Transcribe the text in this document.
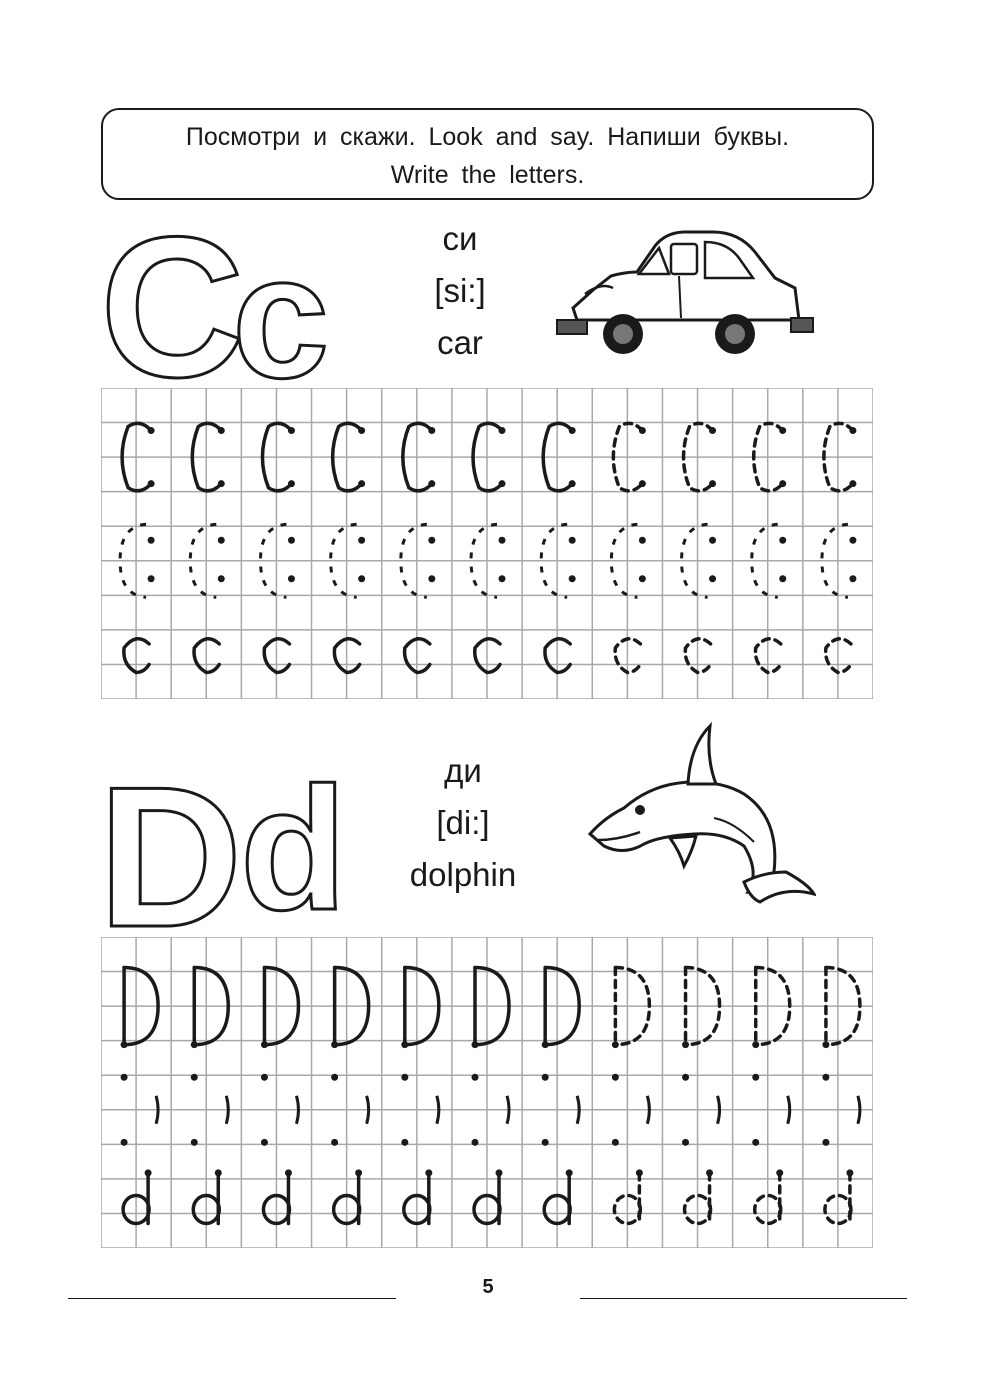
Посмотри и скажи. Look and say. Напиши буквы.
Write the letters.
C
c	си
[si:]
car
D
d	ди
[di:]
dolphin
5
